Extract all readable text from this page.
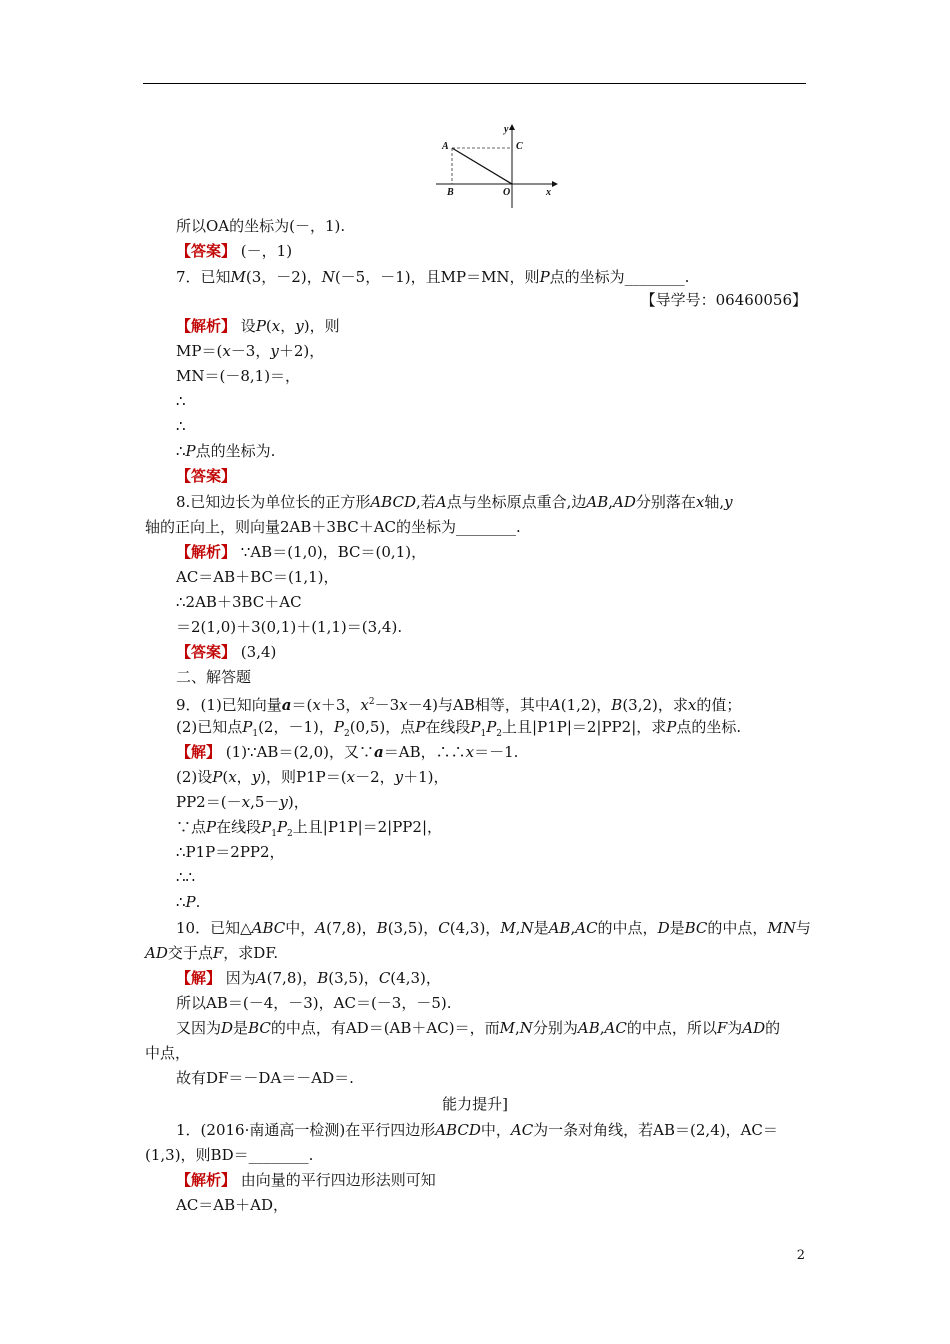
A
B
C
O	x
y
所以OA的坐标为(－，1).
【答案】 (－，1)
7．已知M(3，－2)，N(－5，－1)，且MP＝MN，则P点的坐标为________.
【导学号：06460056】
【解析】 设P(x，y)，则
MP＝(x－3，y＋2)，
MN＝(－8,1)＝，
∴
∴
∴P点的坐标为.
【答案】
8.已知边长为单位长的正方形ABCD,若A点与坐标原点重合,边AB,AD分别落在x轴,y
轴的正向上，则向量2AB＋3BC＋AC的坐标为________.
【解析】 ∵AB＝(1,0)，BC＝(0,1)，
AC＝AB＋BC＝(1,1)，
∴2AB＋3BC＋AC
＝2(1,0)＋3(0,1)＋(1,1)＝(3,4).
【答案】 (3,4)
二、解答题
9．(1)已知向量a＝(x＋3，$x^2-3x-4$)与AB相等，其中A(1,2)，B(3,2)，求x的值；
(2)已知点$P_1(2$，－1)，$P_2(0,5)$，点P在线段$P_1P_2$上且|P1P|＝2|PP2|，求P点的坐标.
【解】 (1)∵AB＝(2,0)，又∵a＝AB，∴∴x＝－1.
(2)设P(x，y)，则P1P＝(x－2，y＋1)，
PP2＝(－x,5－y)，
∵点P在线段$P_1P_2$上且|P1P|＝2|PP2|，
∴P1P＝2PP2，
∴∴
∴P.
10．已知△ABC中，A(7,8)，B(3,5)，C(4,3)，M,N是AB,AC的中点，D是BC的中点，MN与
AD交于点F，求DF.
【解】 因为A(7,8)，B(3,5)，C(4,3)，
所以AB＝(－4，－3)，AC＝(－3，－5).
又因为D是BC的中点，有AD＝(AB＋AC)＝，而M,N分别为AB,AC的中点，所以F为AD的
中点，
故有DF＝－DA＝－AD＝.
能力提升]
1．(2016·南通高一检测)在平行四边形ABCD中，AC为一条对角线，若AB＝(2,4)，AC＝
(1,3)，则BD＝________.
【解析】 由向量的平行四边形法则可知
AC＝AB＋AD，
2
